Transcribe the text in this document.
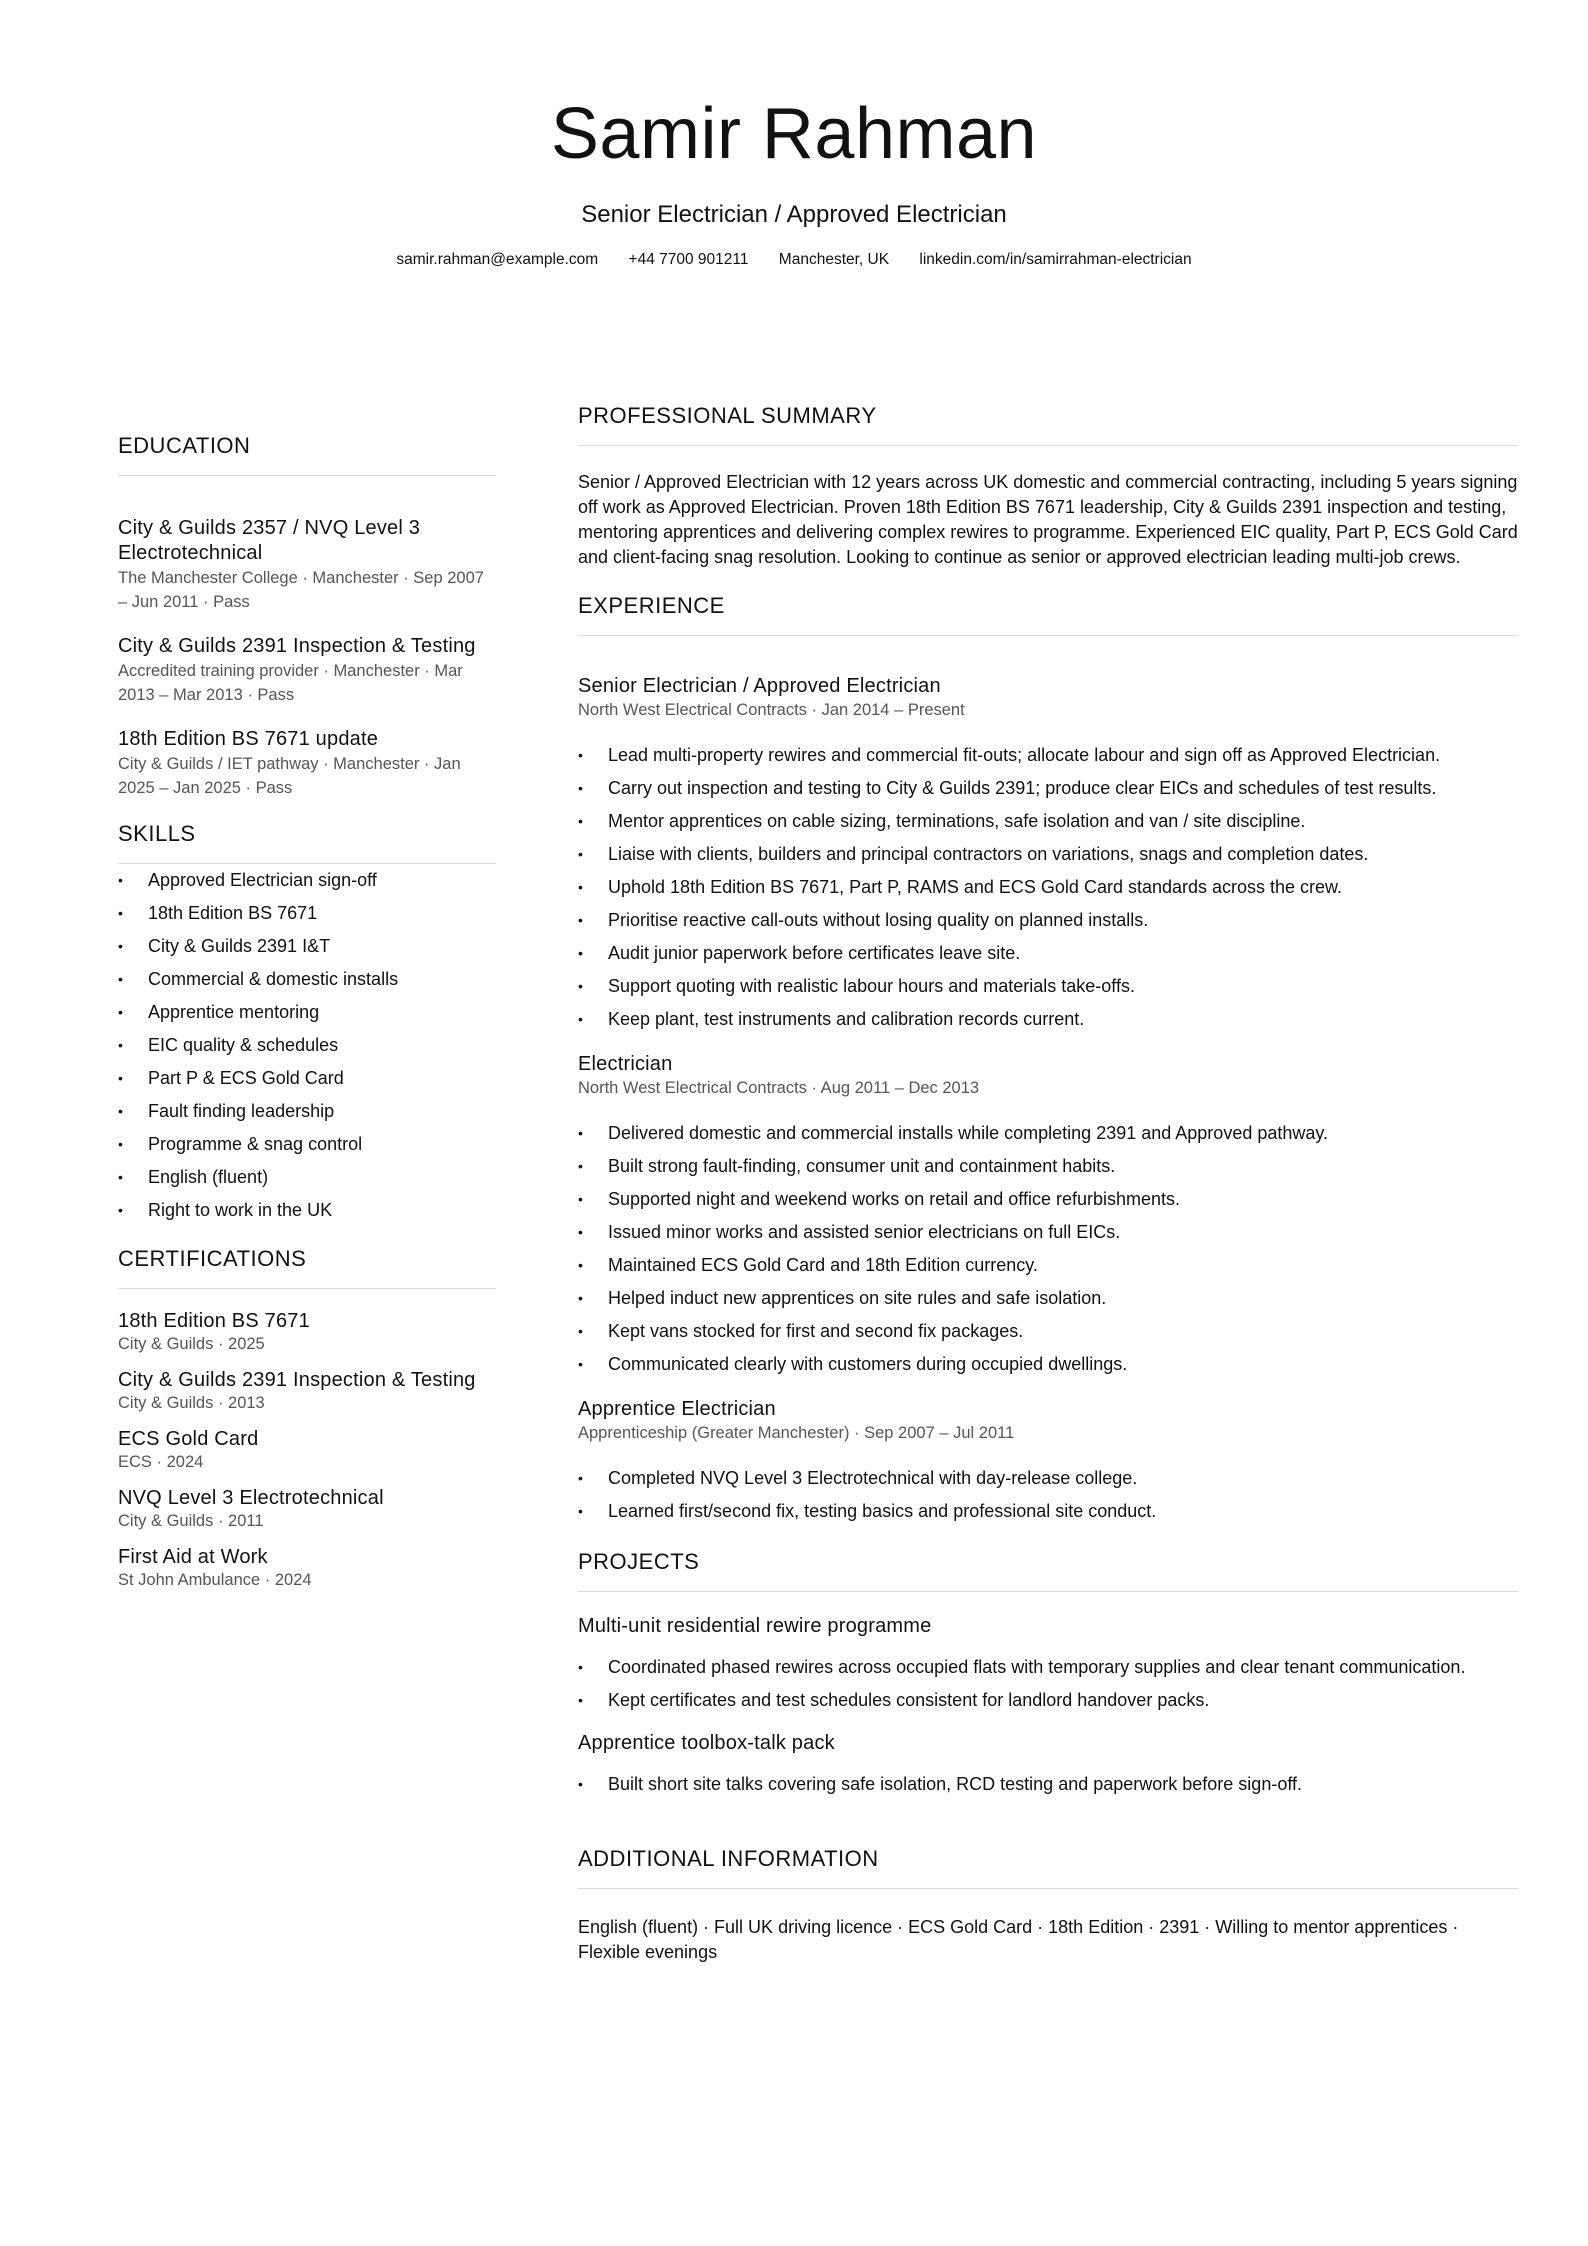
Samir Rahman
Senior Electrician / Approved Electrician
samir.rahman@example.com +44 7700 901211 Manchester, UK linkedin.com/in/samirrahman-electrician
EDUCATION
City & Guilds 2357 / NVQ Level 3 Electrotechnical
The Manchester College · Manchester · Sep 2007 – Jun 2011 · Pass
City & Guilds 2391 Inspection & Testing
Accredited training provider · Manchester · Mar 2013 – Mar 2013 · Pass
18th Edition BS 7671 update
City & Guilds / IET pathway · Manchester · Jan 2025 – Jan 2025 · Pass
SKILLS
• Approved Electrician sign-off
• 18th Edition BS 7671
• City & Guilds 2391 I&T
• Commercial & domestic installs
• Apprentice mentoring
• EIC quality & schedules
• Part P & ECS Gold Card
• Fault finding leadership
• Programme & snag control
• English (fluent)
• Right to work in the UK
CERTIFICATIONS
18th Edition BS 7671
City & Guilds · 2025
City & Guilds 2391 Inspection & Testing
City & Guilds · 2013
ECS Gold Card
ECS · 2024
NVQ Level 3 Electrotechnical
City & Guilds · 2011
First Aid at Work
St John Ambulance · 2024
PROFESSIONAL SUMMARY
Senior / Approved Electrician with 12 years across UK domestic and commercial contracting, including 5 years signing off work as Approved Electrician. Proven 18th Edition BS 7671 leadership, City & Guilds 2391 inspection and testing, mentoring apprentices and delivering complex rewires to programme. Experienced EIC quality, Part P, ECS Gold Card and client-facing snag resolution. Looking to continue as senior or approved electrician leading multi-job crews.
EXPERIENCE
Senior Electrician / Approved Electrician
North West Electrical Contracts · Jan 2014 – Present
• Lead multi-property rewires and commercial fit-outs; allocate labour and sign off as Approved Electrician.
• Carry out inspection and testing to City & Guilds 2391; produce clear EICs and schedules of test results.
• Mentor apprentices on cable sizing, terminations, safe isolation and van / site discipline.
• Liaise with clients, builders and principal contractors on variations, snags and completion dates.
• Uphold 18th Edition BS 7671, Part P, RAMS and ECS Gold Card standards across the crew.
• Prioritise reactive call-outs without losing quality on planned installs.
• Audit junior paperwork before certificates leave site.
• Support quoting with realistic labour hours and materials take-offs.
• Keep plant, test instruments and calibration records current.
Electrician
North West Electrical Contracts · Aug 2011 – Dec 2013
• Delivered domestic and commercial installs while completing 2391 and Approved pathway.
• Built strong fault-finding, consumer unit and containment habits.
• Supported night and weekend works on retail and office refurbishments.
• Issued minor works and assisted senior electricians on full EICs.
• Maintained ECS Gold Card and 18th Edition currency.
• Helped induct new apprentices on site rules and safe isolation.
• Kept vans stocked for first and second fix packages.
• Communicated clearly with customers during occupied dwellings.
Apprentice Electrician
Apprenticeship (Greater Manchester) · Sep 2007 – Jul 2011
• Completed NVQ Level 3 Electrotechnical with day-release college.
• Learned first/second fix, testing basics and professional site conduct.
PROJECTS
Multi-unit residential rewire programme
• Coordinated phased rewires across occupied flats with temporary supplies and clear tenant communication.
• Kept certificates and test schedules consistent for landlord handover packs.
Apprentice toolbox-talk pack
• Built short site talks covering safe isolation, RCD testing and paperwork before sign-off.
ADDITIONAL INFORMATION
English (fluent) · Full UK driving licence · ECS Gold Card · 18th Edition · 2391 · Willing to mentor apprentices · Flexible evenings
